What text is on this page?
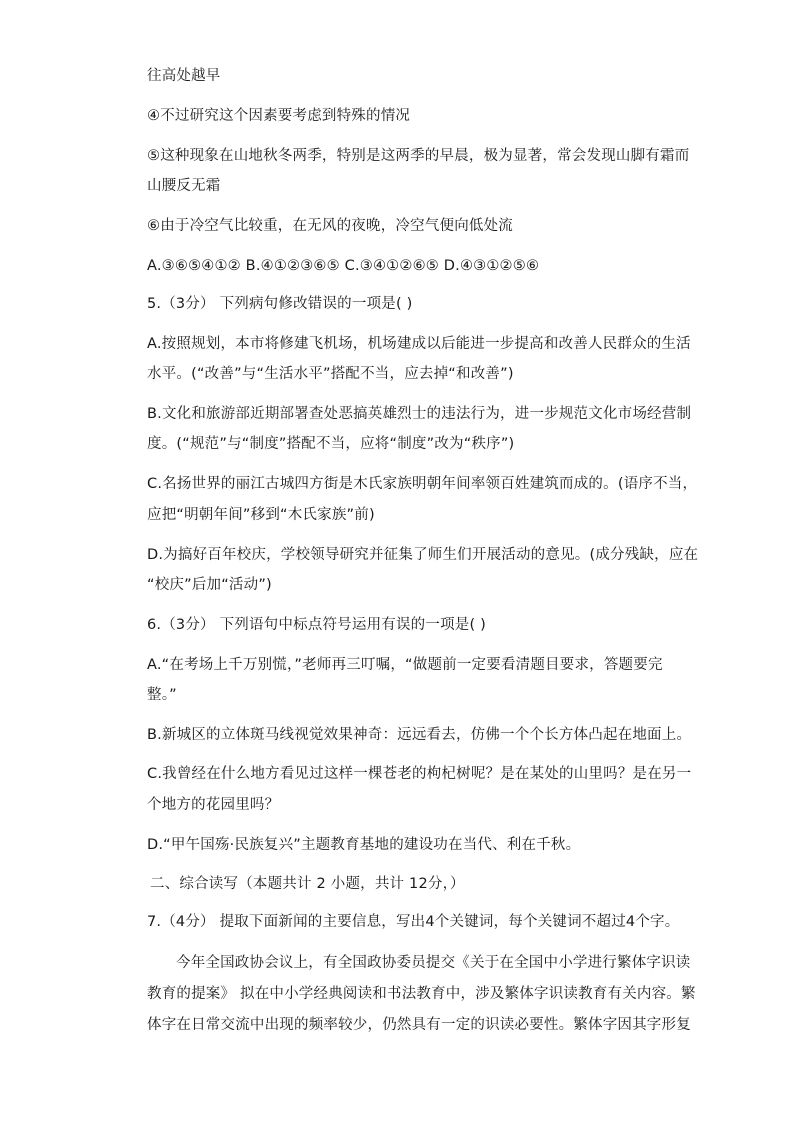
往高处越早
④不过研究这个因素要考虑到特殊的情况
⑤这种现象在山地秋冬两季，特别是这两季的早晨，极为显著，常会发现山脚有霜而
山腰反无霜
⑥由于冷空气比较重，在无风的夜晚，冷空气便向低处流
A.③⑥⑤④①② B.④①②③⑥⑤ C.③④①②⑥⑤ D.④③①②⑤⑥
5.（3分） 下列病句修改错误的一项是( )
A.按照规划，本市将修建飞机场，机场建成以后能进一步提高和改善人民群众的生活
水平。(“改善”与“生活水平”搭配不当，应去掉“和改善”)
B.文化和旅游部近期部署查处恶搞英雄烈士的违法行为，进一步规范文化市场经营制
度。(“规范”与“制度”搭配不当，应将“制度”改为“秩序”)
C.名扬世界的丽江古城四方街是木氏家族明朝年间率领百姓建筑而成的。(语序不当，
应把“明朝年间”移到“木氏家族”前)
D.为搞好百年校庆，学校领导研究并征集了师生们开展活动的意见。(成分残缺，应在
“校庆”后加“活动”)
6.（3分） 下列语句中标点符号运用有误的一项是( )
A.“在考场上千万别慌，”老师再三叮嘱，“做题前一定要看清题目要求，答题要完
整。”
B.新城区的立体斑马线视觉效果神奇：远远看去，仿佛一个个长方体凸起在地面上。
C.我曾经在什么地方看见过这样一棵苍老的枸杞树呢？是在某处的山里吗？是在另一
个地方的花园里吗？
D.“甲午国殇·民族复兴”主题教育基地的建设功在当代、利在千秋。
二、综合读写（本题共计 2 小题，共计 12分，）
7.（4分） 提取下面新闻的主要信息，写出4个关键词，每个关键词不超过4个字。
今年全国政协会议上，有全国政协委员提交《关于在全国中小学进行繁体字识读
教育的提案》 拟在中小学经典阅读和书法教育中，涉及繁体字识读教育有关内容。繁
体字在日常交流中出现的频率较少，仍然具有一定的识读必要性。繁体字因其字形复
